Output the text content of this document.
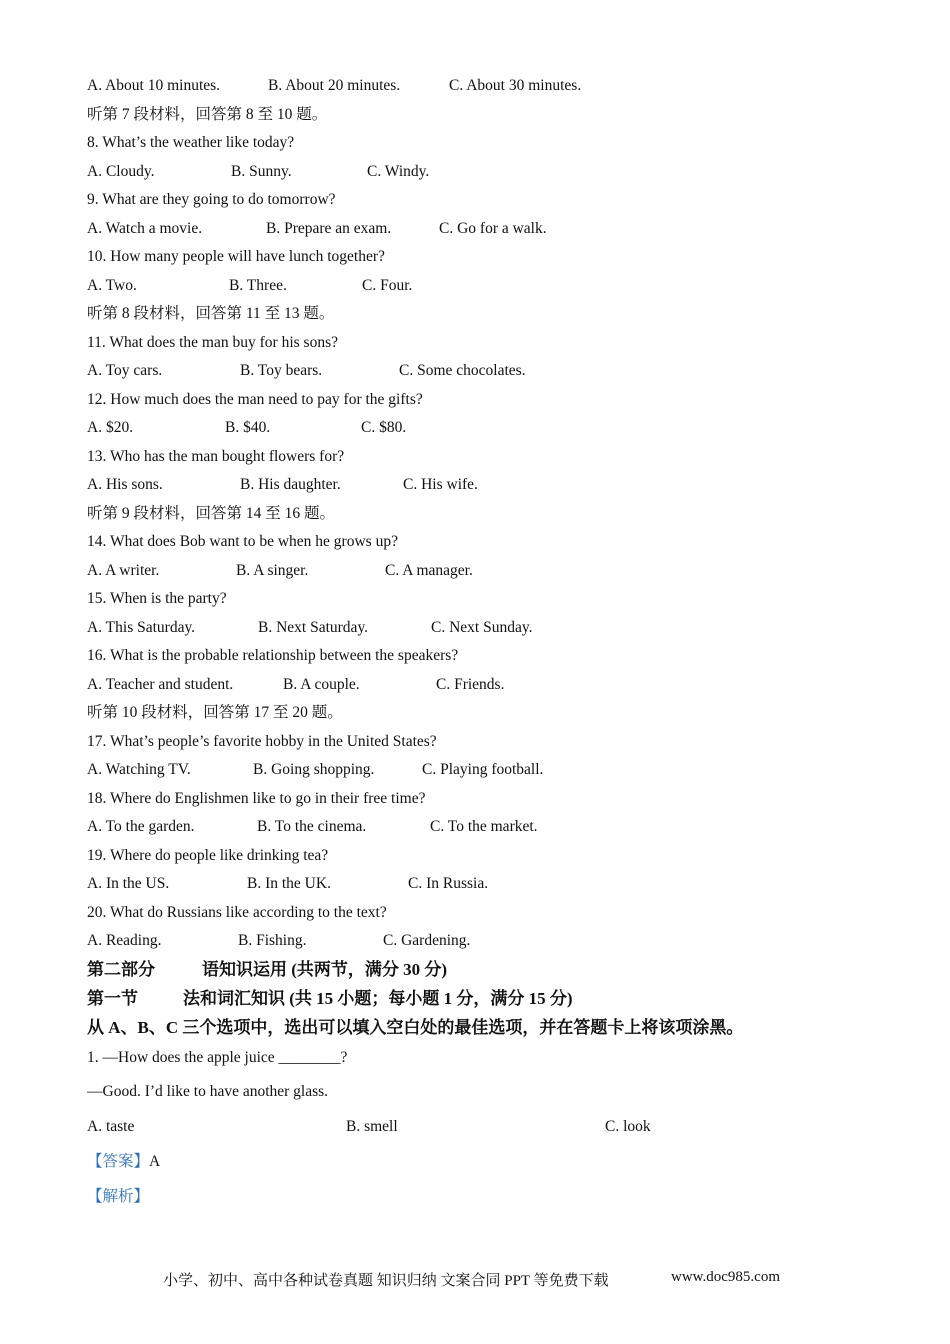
第二部分	语知识运用 (共两节，满分 30 分)
第一节	法和词汇知识 (共 15 小题；每小题 1 分，满分 15 分)
从 A、B、C 三个选项中，选出可以填入空白处的最佳选项，并在答题卡上将该项涂黑。
1. —How does the apple juice ________?
—Good. I’d like to have another glass.
A. taste	B. smell	C. look
【答案】A
【解析】
小学、初中、高中各种试卷真题 知识归纳 文案合同 PPT 等免费下载	www.doc985.com
A. About 10 minutes.	B. About 20 minutes.	C. About 30 minutes.
听第 7 段材料，回答第 8 至 10 题。
8. What’s the weather like today?
A. Cloudy.	B. Sunny.	C. Windy.
9. What are they going to do tomorrow?
A. Watch a movie.	B. Prepare an exam.	C. Go for a walk.
10. How many people will have lunch together?
A. Two.	B. Three.	C. Four.
听第 8 段材料，回答第 11 至 13 题。
11. What does the man buy for his sons?
A. Toy cars.	B. Toy bears.	C. Some chocolates.
12. How much does the man need to pay for the gifts?
A. $20.	B. $40.	C. $80.
13. Who has the man bought flowers for?
A. His sons.	B. His daughter.	C. His wife.
听第 9 段材料，回答第 14 至 16 题。
14. What does Bob want to be when he grows up?
A. A writer.	B. A singer.	C. A manager.
15. When is the party?
A. This Saturday.	B. Next Saturday.	C. Next Sunday.
16. What is the probable relationship between the speakers?
A. Teacher and student.	B. A couple.	C. Friends.
听第 10 段材料，回答第 17 至 20 题。
17. What’s people’s favorite hobby in the United States?
A. Watching TV.	B. Going shopping.	C. Playing football.
18. Where do Englishmen like to go in their free time?
A. To the garden.	B. To the cinema.	C. To the market.
19. Where do people like drinking tea?
A. In the US.	B. In the UK.	C. In Russia.
20. What do Russians like according to the text?
A. Reading.	B. Fishing.	C. Gardening.
